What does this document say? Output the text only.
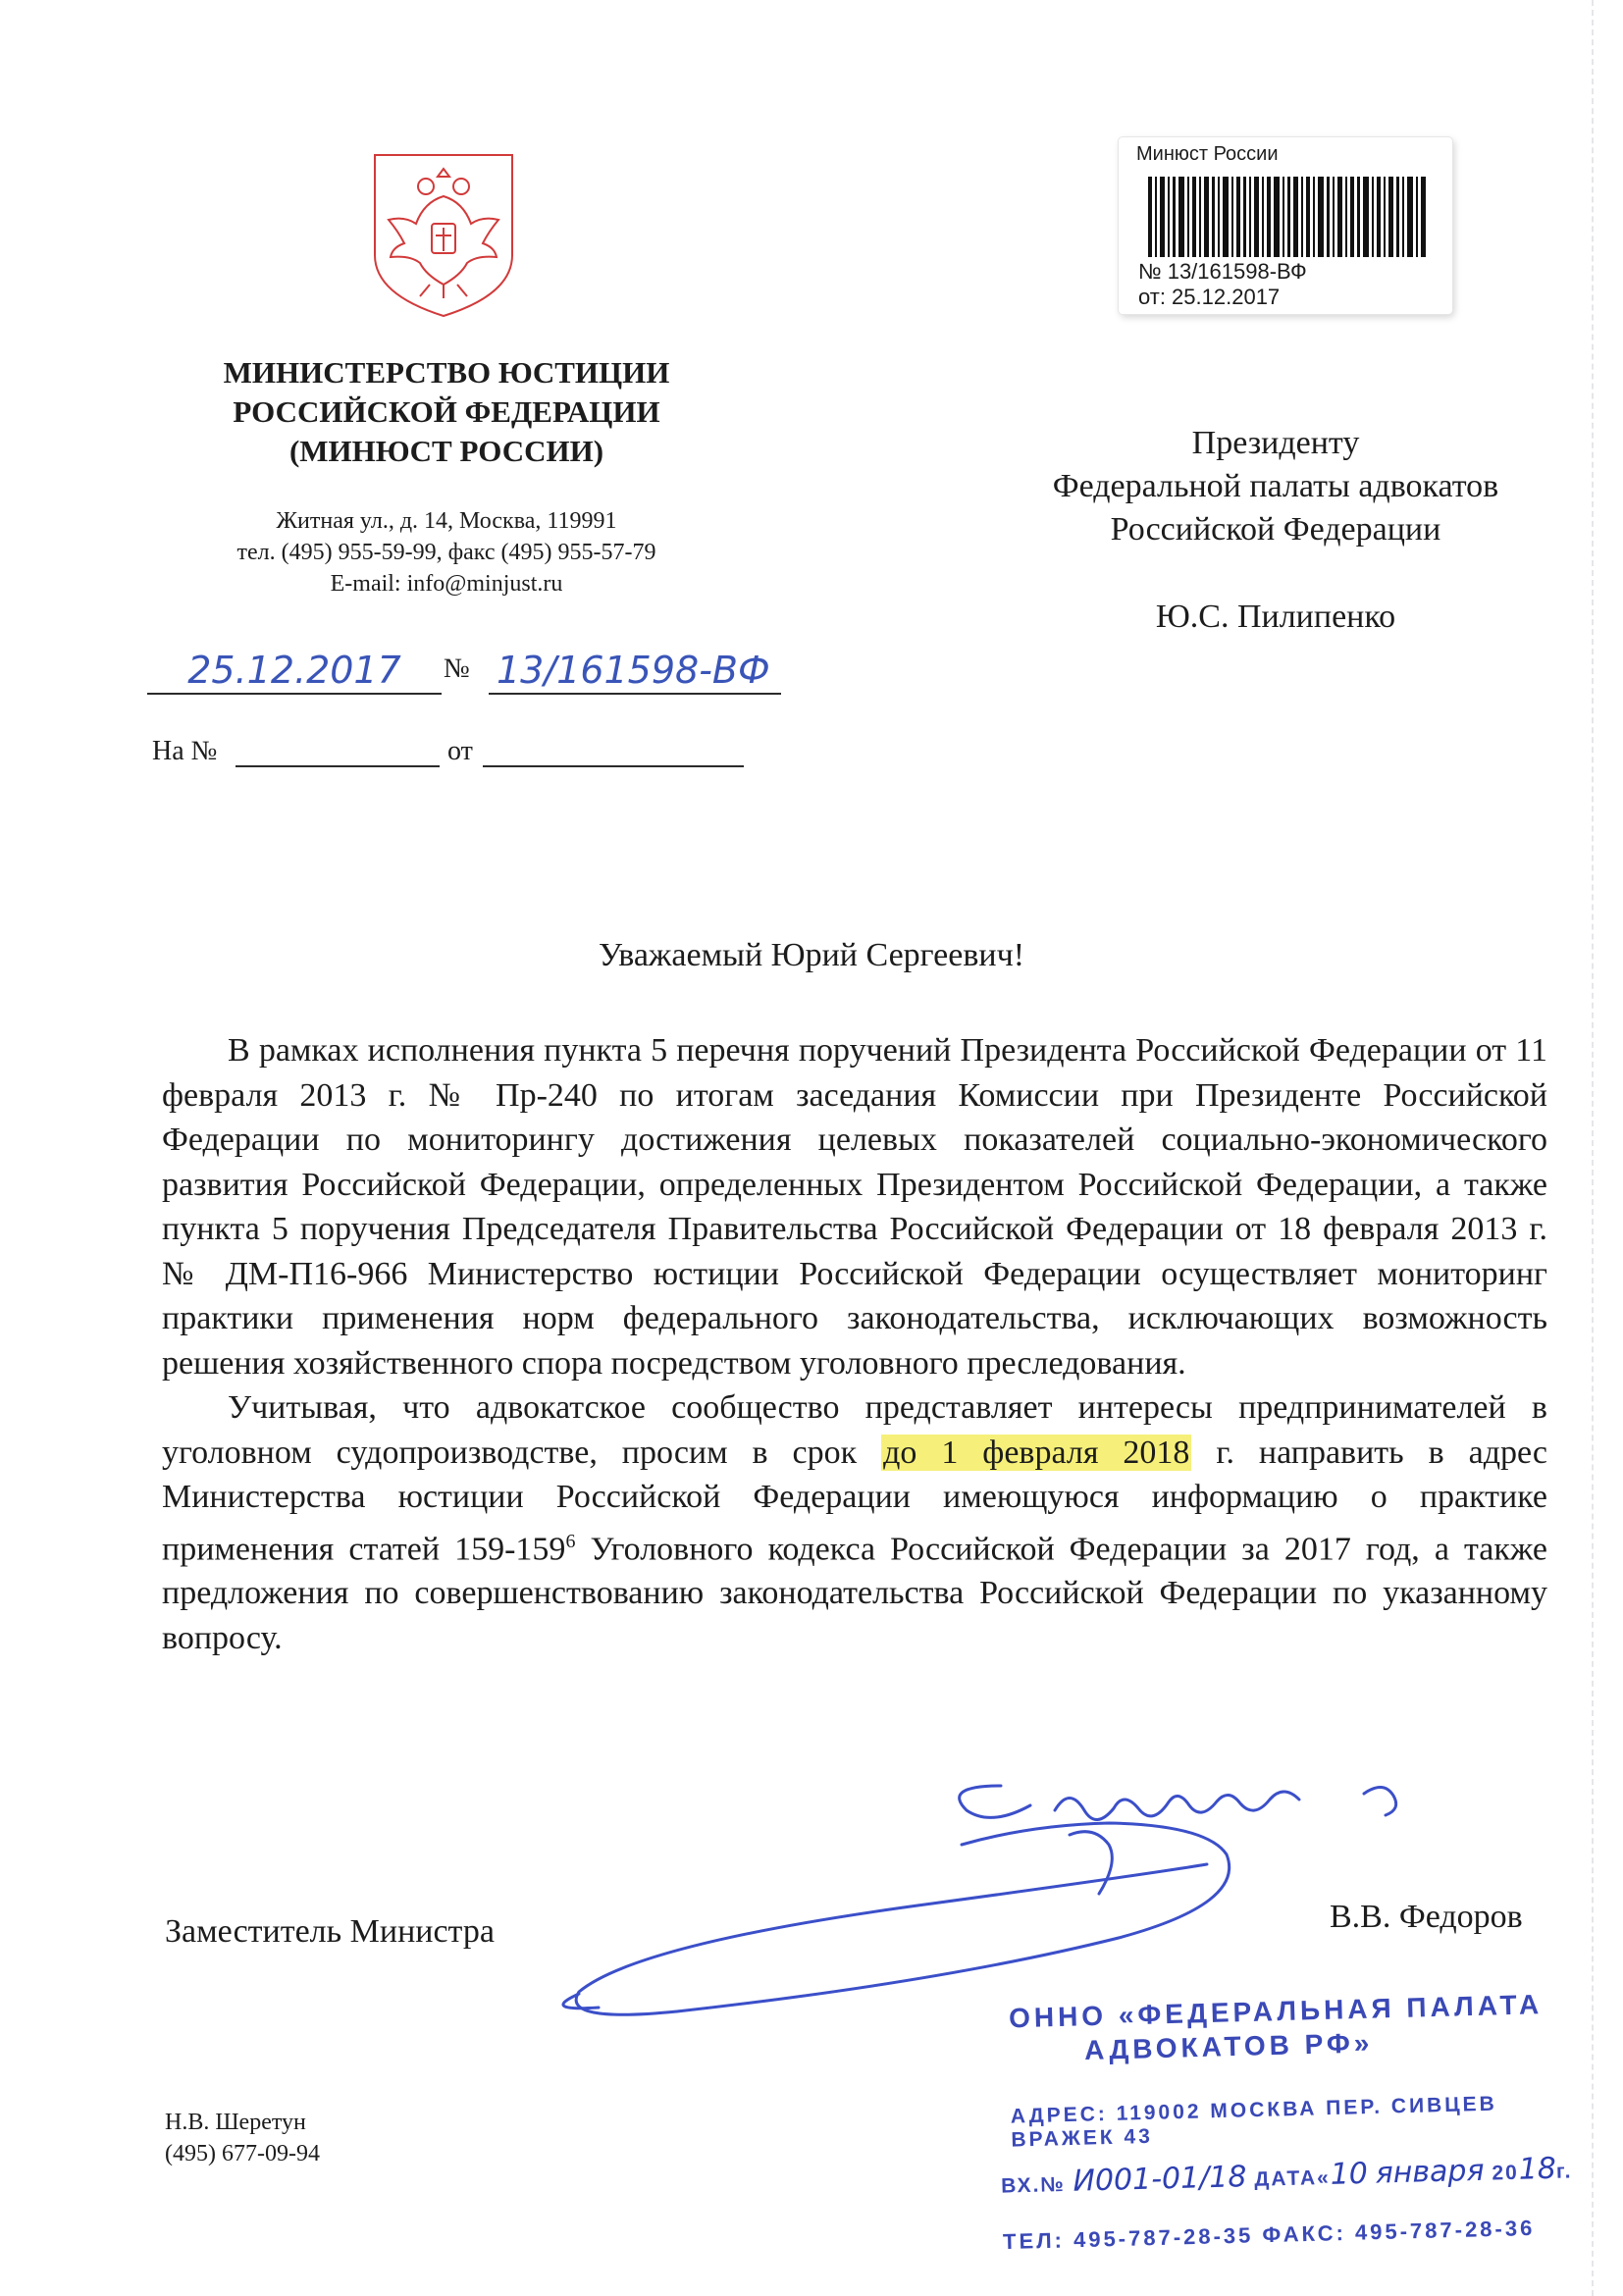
МИНИСТЕРСТВО ЮСТИЦИИ
РОССИЙСКОЙ ФЕДЕРАЦИИ
(МИНЮСТ РОССИИ)
Житная ул., д. 14, Москва, 119991
тел. (495) 955-59-99, факс (495) 955-57-79
E-mail: info@minjust.ru
25.12.2017	№ 13/161598-ВФ
На №	от
Минюст России
№ 13/161598-ВФ
от: 25.12.2017
Президенту
Федеральной палаты адвокатов
Российской Федерации
Ю.С. Пилипенко
Уважаемый Юрий Сергеевич!

В рамках исполнения пункта 5 перечня поручений Президента Российской Федерации от 11 февраля 2013 г. № Пр-240 по итогам заседания Комиссии при Президенте Российской Федерации по мониторингу достижения целевых показателей социально-экономического развития Российской Федерации, определенных Президентом Российской Федерации, а также пункта 5 поручения Председателя Правительства Российской Федерации от 18 февраля 2013 г. № ДМ-П16-966 Министерство юстиции Российской Федерации осуществляет мониторинг практики применения норм федерального законодательства, исключающих возможность решения хозяйственного спора посредством уголовного преследования.

Учитывая, что адвокатское сообщество представляет интересы предпринимателей в уголовном судопроизводстве, просим в срок до 1 февраля 2018 г. направить в адрес Министерства юстиции Российской Федерации имеющуюся информацию о практике применения статей $159-159^6$ Уголовного кодекса Российской Федерации за 2017 год, а также предложения по совершенствованию законодательства Российской Федерации по указанному вопросу.

Заместитель Министра	В.В. Федоров
Н.В. Шеретун
(495) 677-09-94
ОННО «ФЕДЕРАЛЬНАЯ ПАЛАТА
АДВОКАТОВ РФ»
АДРЕС: 119002 МОСКВА ПЕР. СИВЦЕВ ВРАЖЕК 43
ВХ.№ И001-01/18 ДАТА«10 января 2018г.
ТЕЛ: 495-787-28-35 ФАКС: 495-787-28-36
